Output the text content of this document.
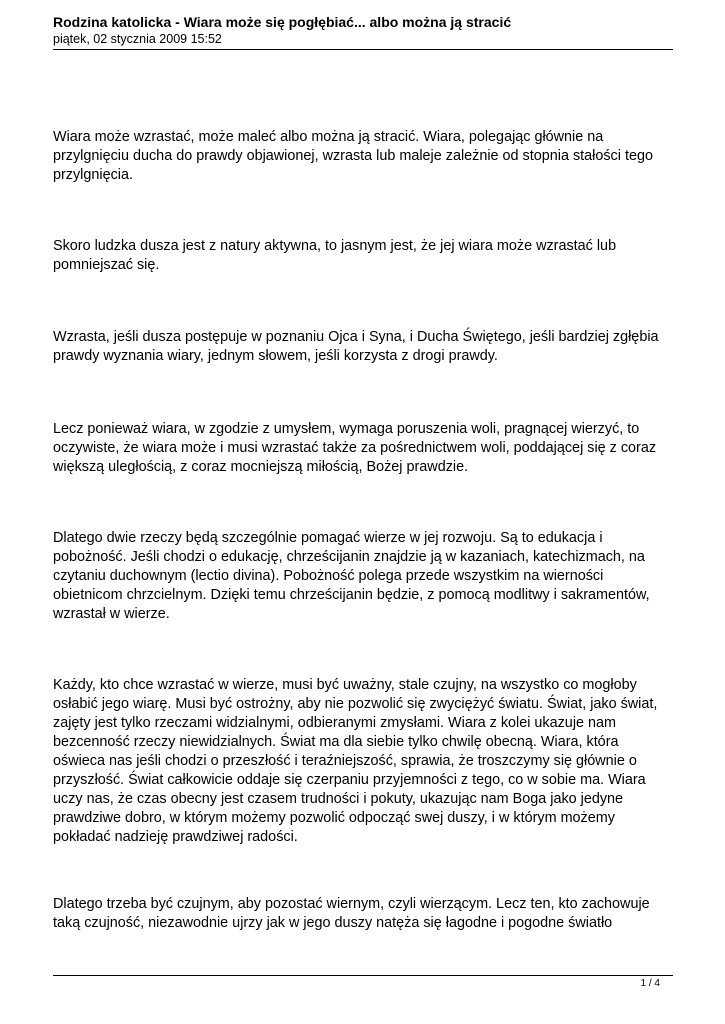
Rodzina katolicka - Wiara może się pogłębiać... albo można ją stracić
piątek, 02 stycznia 2009 15:52

Wiara może wzrastać, może maleć albo można ją stracić. Wiara, polegając głównie na
przylgnięciu ducha do prawdy objawionej, wzrasta lub maleje zależnie od stopnia stałości tego
przylgnięcia.

Skoro ludzka dusza jest z natury aktywna, to jasnym jest, że jej wiara może wzrastać lub
pomniejszać się.

Wzrasta, jeśli dusza postępuje w poznaniu Ojca i Syna, i Ducha Świętego, jeśli bardziej zgłębia
prawdy wyznania wiary, jednym słowem, jeśli korzysta z drogi prawdy.

Lecz ponieważ wiara, w zgodzie z umysłem, wymaga poruszenia woli, pragnącej wierzyć, to
oczywiste, że wiara może i musi wzrastać także za pośrednictwem woli, poddającej się z coraz
większą uległością, z coraz mocniejszą miłością, Bożej prawdzie.

Dlatego dwie rzeczy będą szczególnie pomagać wierze w jej rozwoju. Są to edukacja i
pobożność. Jeśli chodzi o edukację, chrześcijanin znajdzie ją w kazaniach, katechizmach, na
czytaniu duchownym (lectio divina). Pobożność polega przede wszystkim na wierności
obietnicom chrzcielnym. Dzięki temu chrześcijanin będzie, z pomocą modlitwy i sakramentów,
wzrastał w wierze.

Każdy, kto chce wzrastać w wierze, musi być uważny, stale czujny, na wszystko co mogłoby
osłabić jego wiarę. Musi być ostrożny, aby nie pozwolić się zwyciężyć światu. Świat, jako świat,
zajęty jest tylko rzeczami widzialnymi, odbieranymi zmysłami. Wiara z kolei ukazuje nam
bezcenność rzeczy niewidzialnych. Świat ma dla siebie tylko chwilę obecną. Wiara, która
oświeca nas jeśli chodzi o przeszłość i teraźniejszość, sprawia, że troszczymy się głównie o
przyszłość. Świat całkowicie oddaje się czerpaniu przyjemności z tego, co w sobie ma. Wiara
uczy nas, że czas obecny jest czasem trudności i pokuty, ukazując nam Boga jako jedyne
prawdziwe dobro, w którym możemy pozwolić odpocząć swej duszy, i w którym możemy
pokładać nadzieję prawdziwej radości.

Dlatego trzeba być czujnym, aby pozostać wiernym, czyli wierzącym. Lecz ten, kto zachowuje
taką czujność, niezawodnie ujrzy jak w jego duszy natęża się łagodne i pogodne światło

1 / 4
